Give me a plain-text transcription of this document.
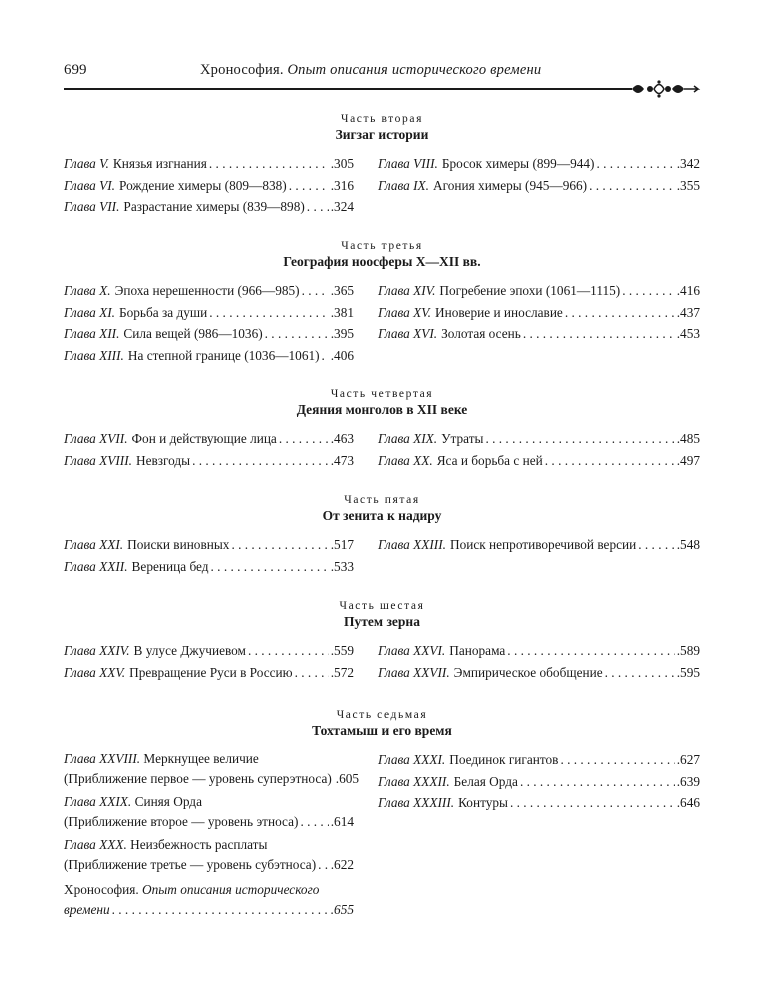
699	Хронософия. Опыт описания исторического времени
Часть вторая
Зигзаг истории
Глава V. Князья изгнания . . .	.305
Глава VI. Рождение химеры (809—838) . . .	.316
Глава VII. Разрастание химеры (839—898) . . . .324
Глава VIII. Бросок химеры (899—944) . . .	.342
Глава IX. Агония химеры (945—966) . . .	.355
Часть третья
География ноосферы X—XII вв.
Глава X. Эпоха нерешенности (966—985) . . . .365
Глава XI. Борьба за души . . .	.381
Глава XII. Сила вещей (986—1036) . . .	.395
Глава XIII. На степной границе (1036—1061) . . . .406
Глава XIV. Погребение эпохи (1061—1115) . . .	.416
Глава XV. Иноверие и инославие . . .	.437
Глава XVI. Золотая осень . . .	.453
Часть четвертая
Деяния монголов в XII веке
Глава XVII. Фон и действующие лица . . .	.463
Глава XVIII. Невзгоды . . .	.473
Глава XIX. Утраты . . .	.485
Глава XX. Яса и борьба с ней . . .	.497
Часть пятая
От зенита к надиру
Глава XXI. Поиски виновных . . .	.517
Глава XXII. Вереница бед . . .	.533
Глава XXIII. Поиск непротиворечивой версии . . .	.548
Часть шестая
Путем зерна
Глава XXIV. В улусе Джучиевом . . .	.559
Глава XXV. Превращение Руси в Россию . . .	.572
Глава XXVI. Панорама . . .	.589
Глава XXVII. Эмпирическое обобщение . . .	.595
Часть седьмая
Тохтамыш и его время
Глава XXVIII. Меркнущее величие
(Приближение первое — уровень суперэтноса) .605
Глава XXIX. Синяя Орда
(Приближение второе — уровень этноса) . . . .614
Глава XXX. Неизбежность расплаты
(Приближение третье — уровень субэтноса) . . . .622
Глава XXXI. Поединок гигантов . . .	.627
Глава XXXII. Белая Орда . . .	.639
Глава XXXIII. Контуры . . .	.646
Хронософия. Опыт описания исторического
времени . . .	.655
